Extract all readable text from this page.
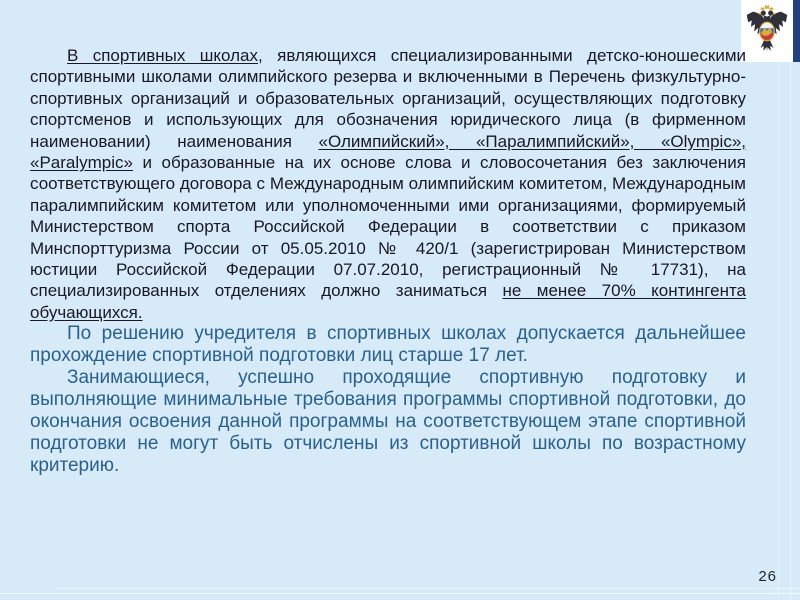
В спортивных школах, являющихся специализированными детско-юношескими спортивными школами олимпийского резерва и включенными в Перечень физкультурно-спортивных организаций и образовательных организаций, осуществляющих подготовку спортсменов и использующих для обозначения юридического лица (в фирменном наименовании) наименования «Олимпийский», «Паралимпийский», «Olympic», «Paralympic» и образованные на их основе слова и словосочетания без заключения соответствующего договора с Международным олимпийским комитетом, Международным паралимпийским комитетом или уполномоченными ими организациями, формируемый Министерством спорта Российской Федерации в соответствии с приказом Минспорттуризма России от 05.05.2010 № 420/1 (зарегистрирован Министерством юстиции Российской Федерации 07.07.2010, регистрационный № 17731), на специализированных отделениях должно заниматься не менее 70% контингента обучающихся.

По решению учредителя в спортивных школах допускается дальнейшее прохождение спортивной подготовки лиц старше 17 лет.

Занимающиеся, успешно проходящие спортивную подготовку и выполняющие минимальные требования программы спортивной подготовки, до окончания освоения данной программы на соответствующем этапе спортивной подготовки не могут быть отчислены из спортивной школы по возрастному критерию.

26
